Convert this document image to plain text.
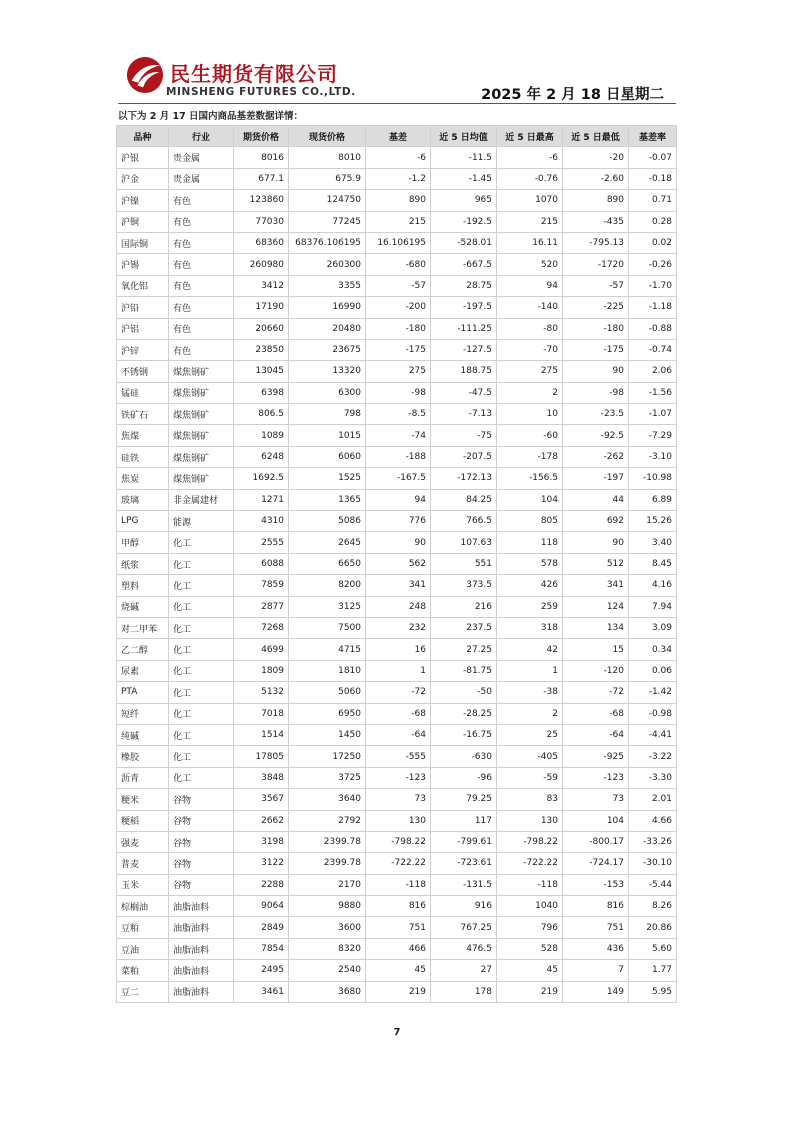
民生期货有限公司
MINSHENG FUTURES CO.,LTD.	2025 年 2 月 18 日星期二
以下为 2 月 17 日国内商品基差数据详情：
品种	行业	期货价格	现货价格	基差	近 5 日均值	近 5 日最高	近 5 日最低	基差率
沪银	贵金属	8016	8010	-6	-11.5	-6	-20	-0.07
沪金	贵金属	677.1	675.9	-1.2	-1.45	-0.76	-2.60	-0.18
沪镍	有色	123860	124750	890	965	1070	890	0.71
沪铜	有色	77030	77245	215	-192.5	215	-435	0.28
国际铜	有色	68360	68376.106195	16.106195	-528.01	16.11	-795.13	0.02
沪锡	有色	260980	260300	-680	-667.5	520	-1720	-0.26
氧化铝	有色	3412	3355	-57	28.75	94	-57	-1.70
沪铅	有色	17190	16990	-200	-197.5	-140	-225	-1.18
沪铝	有色	20660	20480	-180	-111.25	-80	-180	-0.88
沪锌	有色	23850	23675	-175	-127.5	-70	-175	-0.74
不锈钢	煤焦钢矿	13045	13320	275	188.75	275	90	2.06
锰硅	煤焦钢矿	6398	6300	-98	-47.5	2	-98	-1.56
铁矿石	煤焦钢矿	806.5	798	-8.5	-7.13	10	-23.5	-1.07
焦煤	煤焦钢矿	1089	1015	-74	-75	-60	-92.5	-7.29
硅铁	煤焦钢矿	6248	6060	-188	-207.5	-178	-262	-3.10
焦炭	煤焦钢矿	1692.5	1525	-167.5	-172.13	-156.5	-197	-10.98
玻璃	非金属建材	1271	1365	94	84.25	104	44	6.89
LPG	能源	4310	5086	776	766.5	805	692	15.26
甲醇	化工	2555	2645	90	107.63	118	90	3.40
纸浆	化工	6088	6650	562	551	578	512	8.45
塑料	化工	7859	8200	341	373.5	426	341	4.16
烧碱	化工	2877	3125	248	216	259	124	7.94
对二甲苯	化工	7268	7500	232	237.5	318	134	3.09
乙二醇	化工	4699	4715	16	27.25	42	15	0.34
尿素	化工	1809	1810	1	-81.75	1	-120	0.06
PTA	化工	5132	5060	-72	-50	-38	-72	-1.42
短纤	化工	7018	6950	-68	-28.25	2	-68	-0.98
纯碱	化工	1514	1450	-64	-16.75	25	-64	-4.41
橡胶	化工	17805	17250	-555	-630	-405	-925	-3.22
沥青	化工	3848	3725	-123	-96	-59	-123	-3.30
粳米	谷物	3567	3640	73	79.25	83	73	2.01
粳稻	谷物	2662	2792	130	117	130	104	4.66
强麦	谷物	3198	2399.78	-798.22	-799.61	-798.22	-800.17	-33.26
普麦	谷物	3122	2399.78	-722.22	-723.61	-722.22	-724.17	-30.10
玉米	谷物	2288	2170	-118	-131.5	-118	-153	-5.44
棕榈油	油脂油料	9064	9880	816	916	1040	816	8.26
豆粕	油脂油料	2849	3600	751	767.25	796	751	20.86
豆油	油脂油料	7854	8320	466	476.5	528	436	5.60
菜粕	油脂油料	2495	2540	45	27	45	7	1.77
豆二	油脂油料	3461	3680	219	178	219	149	5.95
7
